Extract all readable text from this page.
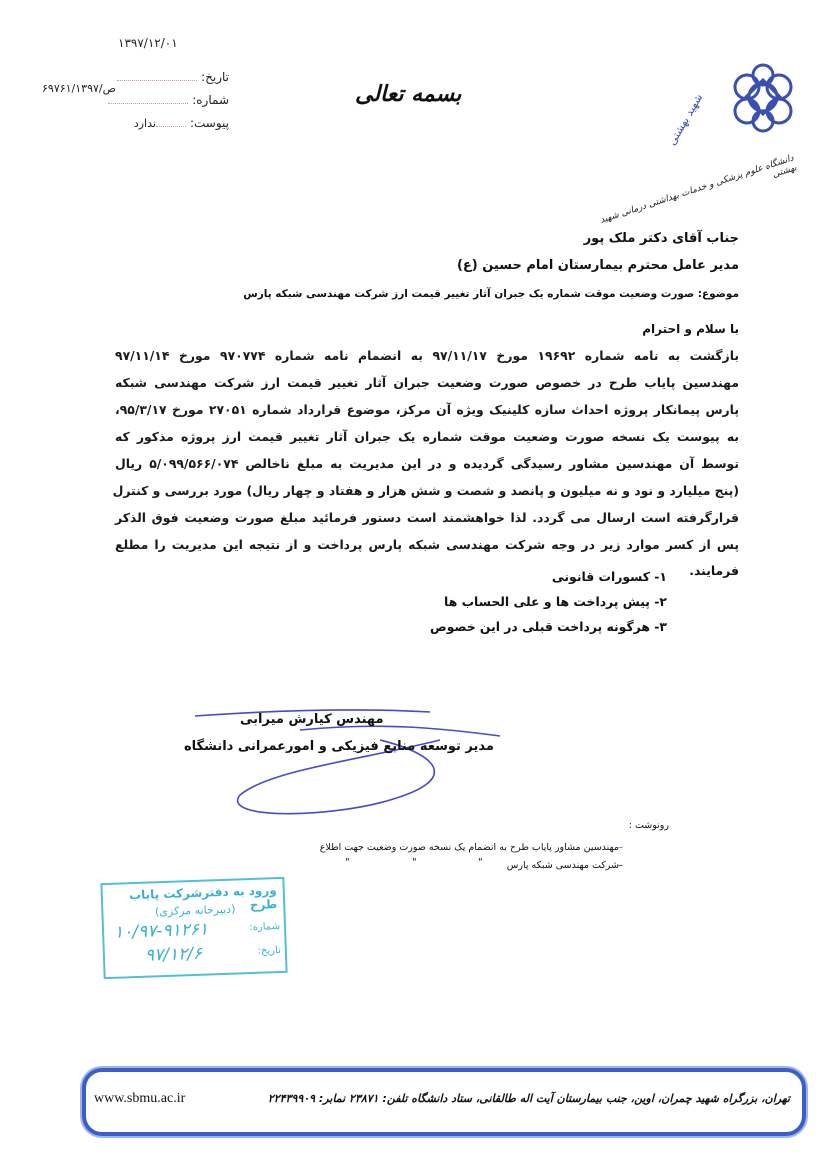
۱۳۹۷/۱۲/۰۱
تاریخ:
۶۹۷۶۱/ص/۱۳۹۷
شماره:
پیوست:ندارد
بسمه تعالی	شهید بهشتی
دانشگاه علوم پزشکی و خدمات بهداشتی درمانی شهید بهشتی
جناب آقای دکتر ملک پور
مدیر عامل محترم بیمارستان امام حسین (ع)
موضوع: صورت وضعیت موقت شماره یک جبران آثار تغییر قیمت ارز شرکت مهندسی شبکه پارس
با سلام و احترام
بازگشت به نامه شماره ۱۹۶۹۲ مورخ ۹۷/۱۱/۱۷ به انضمام نامه شماره ۹۷۰۷۷۴ مورخ ۹۷/۱۱/۱۴
مهندسین پایاب طرح در خصوص صورت وضعیت جبران آثار تغییر قیمت ارز شرکت مهندسی شبکه
پارس پیمانکار پروژه احداث سازه کلینیک ویژه آن مرکز، موضوع قرارداد شماره ۲۷۰۵۱ مورخ ۹۵/۳/۱۷،
به پیوست یک نسخه صورت وضعیت موقت شماره یک جبران آثار تغییر قیمت ارز پروژه مذکور که
توسط آن مهندسین مشاور رسیدگی گردیده و در این مدیریت به مبلغ ناخالص ۵/۰۹۹/۵۶۶/۰۷۴ ریال
(پنج میلیارد و نود و نه میلیون و پانصد و شصت و شش هزار و هفتاد و چهار ریال) مورد بررسی و کنترل
قرارگرفته است ارسال می گردد. لذا خواهشمند است دستور فرمائید مبلغ صورت وضعیت فوق الذکر
پس از کسر موارد زیر در وجه شرکت مهندسی شبکه پارس پرداخت و از نتیجه این مدیریت را مطلع
فرمایند.
۱- کسورات قانونی
۲- پیش پرداخت ها و علی الحساب ها
۳- هرگونه پرداخت قبلی در این خصوص
مهندس کیارش میرابی
مدیر توسعه منابع فیزیکی و امورعمرانی دانشگاه
رونوشت :
مهندسین مشاور پایاب طرح به انضمام یک نسخه صورت وضعیت جهت اطلاع –
شرکت مهندسی شبکه پارس –
"
"
"
ورود به دفترشرکت پایاب طرح
(دبیرخانه مرکزی)
شماره:
۱۰/۹۷-۹۱۲۶۱
تاریخ:
۹۷/۱۲/۶
تهران، بزرگراه شهید چمران، اوین، جنب بیمارستان آیت اله طالقانی، ستاد دانشگاه تلفن: ۲۳۸۷۱ نمابر: ۲۲۴۳۹۹۰۹
www.sbmu.ac.ir
